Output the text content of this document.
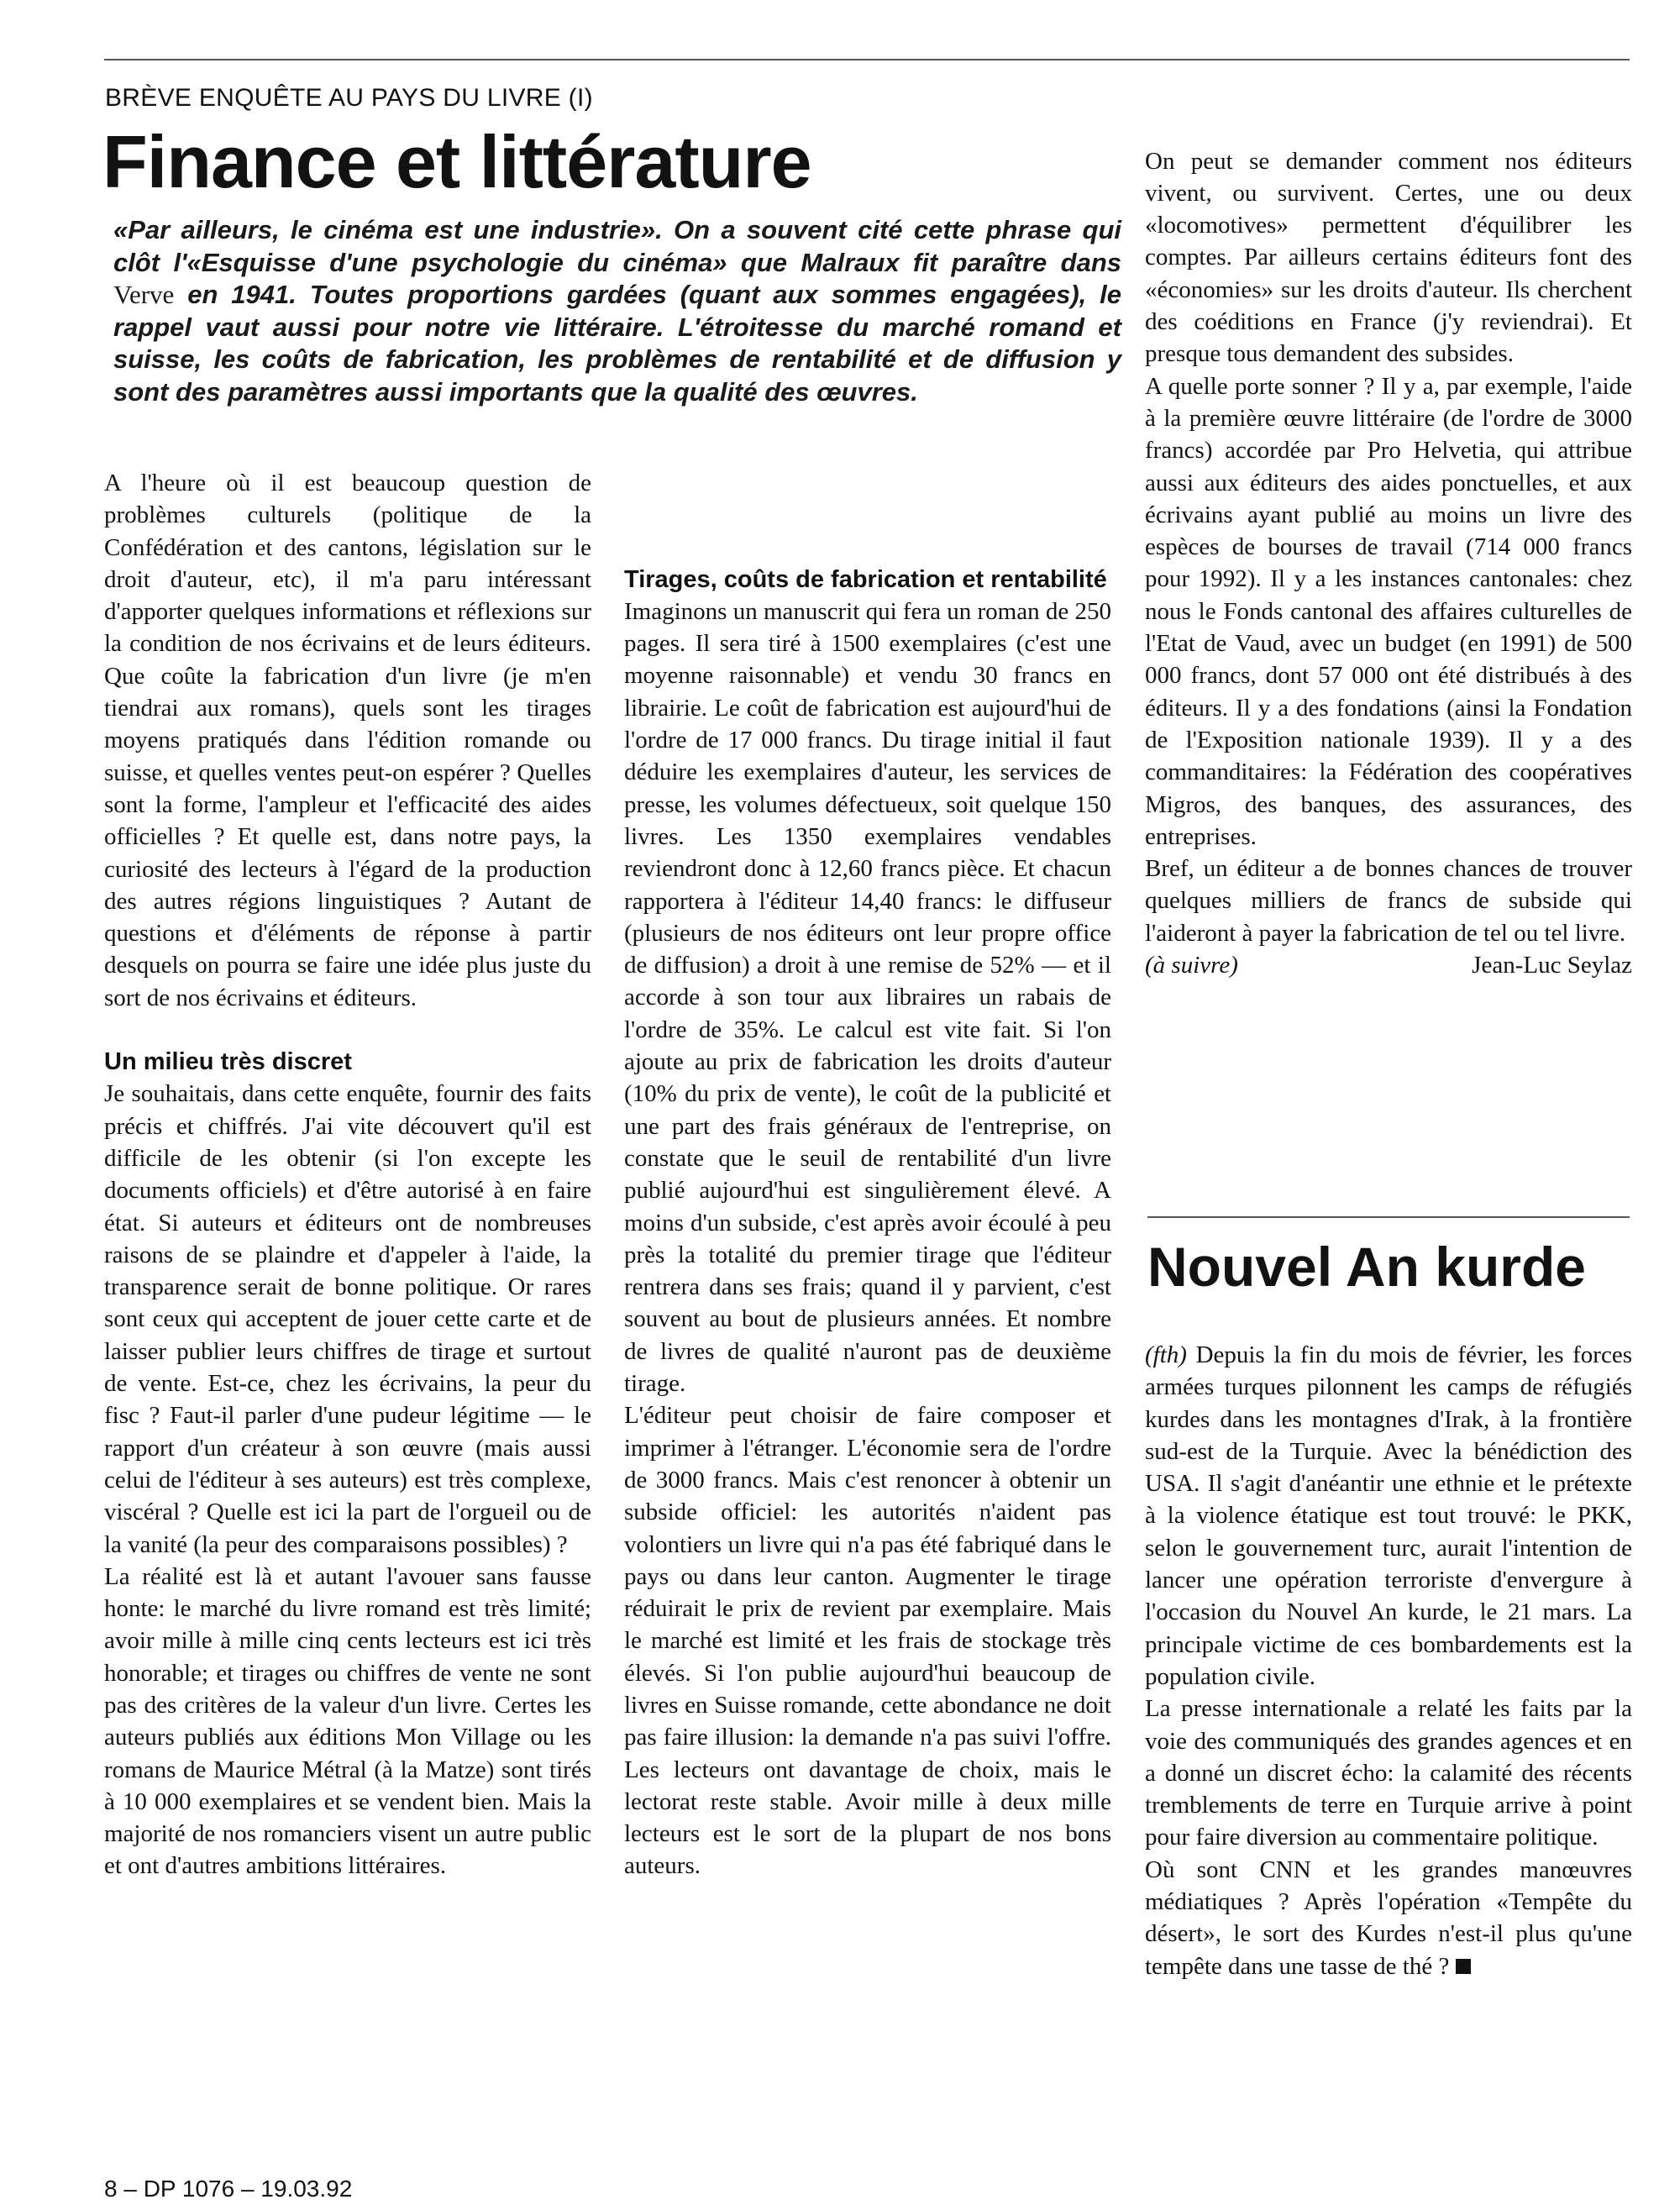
BRÈVE ENQUÊTE AU PAYS DU LIVRE (I)
Finance et littérature

«Par ailleurs, le cinéma est une industrie». On a souvent cité cette phrase qui clôt l'«Esquisse d'une psychologie du cinéma» que Malraux fit paraître dans Verve en 1941. Toutes proportions gardées (quant aux sommes engagées), le rappel vaut aussi pour notre vie littéraire. L'étroitesse du marché romand et suisse, les coûts de fabrication, les problèmes de rentabilité et de diffusion y sont des paramètres aussi importants que la qualité des œuvres.

A l'heure où il est beaucoup question de problèmes culturels (politique de la Confédération et des cantons, législation sur le droit d'auteur, etc), il m'a paru intéressant d'apporter quelques informations et réflexions sur la condition de nos écrivains et de leurs éditeurs. Que coûte la fabrication d'un livre (je m'en tiendrai aux romans), quels sont les tirages moyens pratiqués dans l'édition romande ou suisse, et quelles ventes peut-on espérer ? Quelles sont la forme, l'ampleur et l'efficacité des aides officielles ? Et quelle est, dans notre pays, la curiosité des lecteurs à l'égard de la production des autres régions linguistiques ? Autant de questions et d'éléments de réponse à partir desquels on pourra se faire une idée plus juste du sort de nos écrivains et éditeurs.

Un milieu très discret

Je souhaitais, dans cette enquête, fournir des faits précis et chiffrés. J'ai vite découvert qu'il est difficile de les obtenir (si l'on excepte les documents officiels) et d'être autorisé à en faire état. Si auteurs et éditeurs ont de nombreuses raisons de se plaindre et d'appeler à l'aide, la transparence serait de bonne politique. Or rares sont ceux qui acceptent de jouer cette carte et de laisser publier leurs chiffres de tirage et surtout de vente. Est-ce, chez les écrivains, la peur du fisc ? Faut-il parler d'une pudeur légitime — le rapport d'un créateur à son œuvre (mais aussi celui de l'éditeur à ses auteurs) est très complexe, viscéral ? Quelle est ici la part de l'orgueil ou de la vanité (la peur des comparaisons possibles) ?

La réalité est là et autant l'avouer sans fausse honte: le marché du livre romand est très limité; avoir mille à mille cinq cents lecteurs est ici très honorable; et tirages ou chiffres de vente ne sont pas des critères de la valeur d'un livre. Certes les auteurs publiés aux éditions Mon Village ou les romans de Maurice Métral (à la Matze) sont tirés à 10 000 exemplaires et se vendent bien. Mais la majorité de nos romanciers visent un autre public et ont d'autres ambitions littéraires.

Tirages, coûts de fabrication et rentabilité

Imaginons un manuscrit qui fera un roman de 250 pages. Il sera tiré à 1500 exemplaires (c'est une moyenne raisonnable) et vendu 30 francs en librairie. Le coût de fabrication est aujourd'hui de l'ordre de 17 000 francs. Du tirage initial il faut déduire les exemplaires d'auteur, les services de presse, les volumes défectueux, soit quelque 150 livres. Les 1350 exemplaires vendables reviendront donc à 12,60 francs pièce. Et chacun rapportera à l'éditeur 14,40 francs: le diffuseur (plusieurs de nos éditeurs ont leur propre office de diffusion) a droit à une remise de 52% — et il accorde à son tour aux libraires un rabais de l'ordre de 35%. Le calcul est vite fait. Si l'on ajoute au prix de fabrication les droits d'auteur (10% du prix de vente), le coût de la publicité et une part des frais généraux de l'entreprise, on constate que le seuil de rentabilité d'un livre publié aujourd'hui est singulièrement élevé. A moins d'un subside, c'est après avoir écoulé à peu près la totalité du premier tirage que l'éditeur rentrera dans ses frais; quand il y parvient, c'est souvent au bout de plusieurs années. Et nombre de livres de qualité n'auront pas de deuxième tirage.

L'éditeur peut choisir de faire composer et imprimer à l'étranger. L'économie sera de l'ordre de 3000 francs. Mais c'est renoncer à obtenir un subside officiel: les autorités n'aident pas volontiers un livre qui n'a pas été fabriqué dans le pays ou dans leur canton. Augmenter le tirage réduirait le prix de revient par exemplaire. Mais le marché est limité et les frais de stockage très élevés. Si l'on publie aujourd'hui beaucoup de livres en Suisse romande, cette abondance ne doit pas faire illusion: la demande n'a pas suivi l'offre. Les lecteurs ont davantage de choix, mais le lectorat reste stable. Avoir mille à deux mille lecteurs est le sort de la plupart de nos bons auteurs.

On peut se demander comment nos éditeurs vivent, ou survivent. Certes, une ou deux «locomotives» permettent d'équilibrer les comptes. Par ailleurs certains éditeurs font des «économies» sur les droits d'auteur. Ils cherchent des coéditions en France (j'y reviendrai). Et presque tous demandent des subsides.

A quelle porte sonner ? Il y a, par exemple, l'aide à la première œuvre littéraire (de l'ordre de 3000 francs) accordée par Pro Helvetia, qui attribue aussi aux éditeurs des aides ponctuelles, et aux écrivains ayant publié au moins un livre des espèces de bourses de travail (714 000 francs pour 1992). Il y a les instances cantonales: chez nous le Fonds cantonal des affaires culturelles de l'Etat de Vaud, avec un budget (en 1991) de 500 000 francs, dont 57 000 ont été distribués à des éditeurs. Il y a des fondations (ainsi la Fondation de l'Exposition nationale 1939). Il y a des commanditaires: la Fédération des coopératives Migros, des banques, des assurances, des entreprises.

Bref, un éditeur a de bonnes chances de trouver quelques milliers de francs de subside qui l'aideront à payer la fabrication de tel ou tel livre.

(à suivre)	Jean-Luc Seylaz
Nouvel An kurde

(fth) Depuis la fin du mois de février, les forces armées turques pilonnent les camps de réfugiés kurdes dans les montagnes d'Irak, à la frontière sud-est de la Turquie. Avec la bénédiction des USA. Il s'agit d'anéantir une ethnie et le prétexte à la violence étatique est tout trouvé: le PKK, selon le gouvernement turc, aurait l'intention de lancer une opération terroriste d'envergure à l'occasion du Nouvel An kurde, le 21 mars. La principale victime de ces bombardements est la population civile.

La presse internationale a relaté les faits par la voie des communiqués des grandes agences et en a donné un discret écho: la calamité des récents tremblements de terre en Turquie arrive à point pour faire diversion au commentaire politique.

Où sont CNN et les grandes manœuvres médiatiques ? Après l'opération «Tempête du désert», le sort des Kurdes n'est-il plus qu'une tempête dans une tasse de thé ?

8 – DP 1076 – 19.03.92
